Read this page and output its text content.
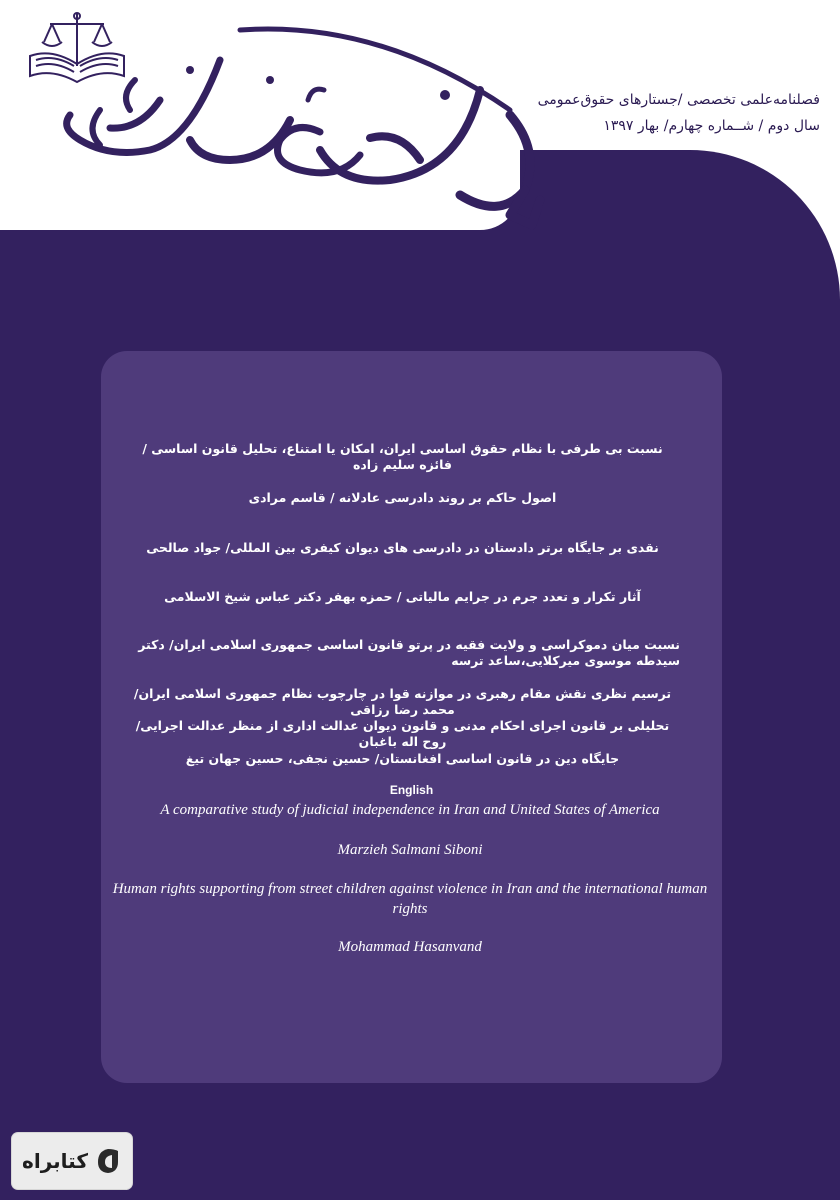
فصلنامه‌علمی تخصصی /جستارهای حقوق‌عمومی
سال دوم / شــماره چهارم/ بهار ۱۳۹۷
نسبت بی طرفی با نظام حقوق اساسی ایران، امکان یا امتناع، تحلیل قانون اساسی / فائزه سلیم زاده
اصول حاکم بر روند دادرسی عادلانه / قاسم مرادی
نقدی بر جایگاه برتر دادستان در دادرسی های دیوان کیفری بین المللی/ جواد صالحی
آثار تکرار و تعدد جرم در جرایم مالیاتی / حمزه بهفر دکتر عباس شیخ الاسلامی
نسبت میان دموکراسی و ولایت فقیه در پرتو قانون اساسی جمهوری اسلامی ایران/ دکتر سیدطه موسوی میرکلایی،ساعد ترسه
ترسیم نظری نقش مقام رهبری در موازنه قوا در چارچوب نظام جمهوری اسلامی ایران/ محمد رضا رزاقی
تحلیلی بر قانون اجرای احکام مدنی و قانون دیوان عدالت اداری از منظر عدالت اجرایی/ روح اله باغبان
جایگاه دین در قانون اساسی افغانستان/ حسین نجفی، حسین جهان تیغ
English
A comparative study of judicial independence in Iran and United States of America
Marzieh Salmani Siboni
Human rights supporting from street children against violence in Iran and the international human rights
Mohammad Hasanvand
کتابراه
